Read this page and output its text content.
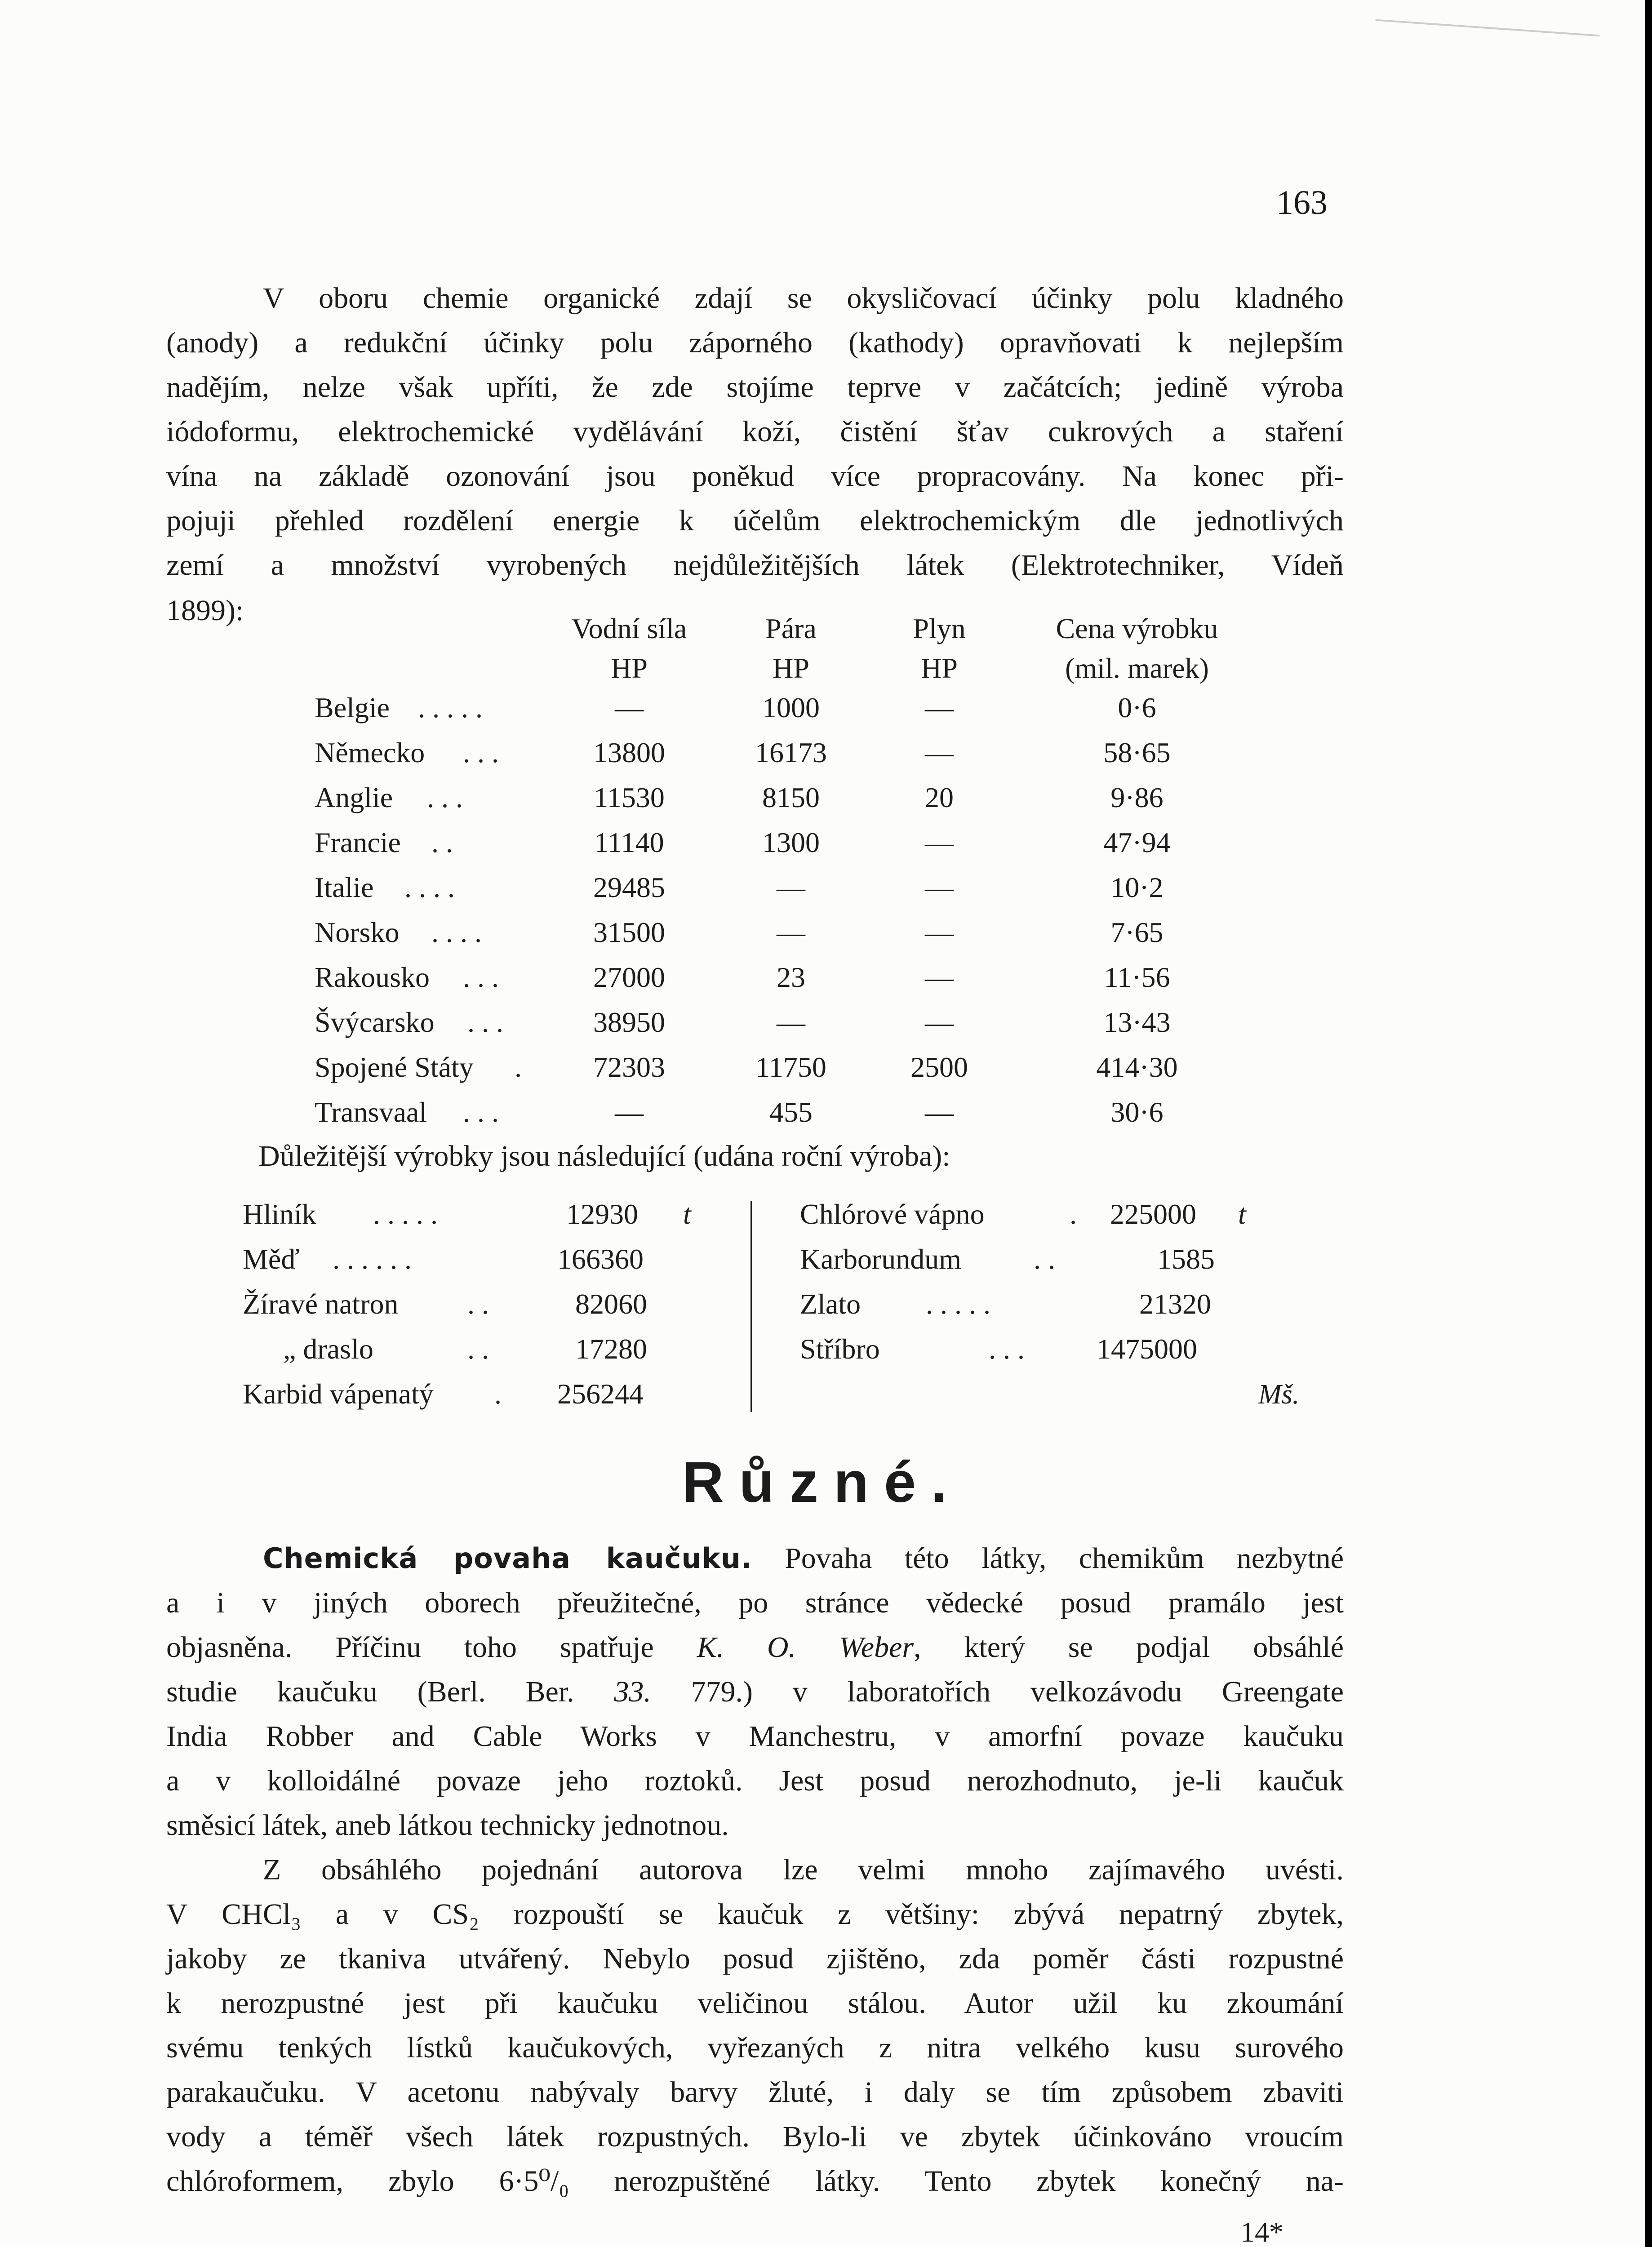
163
V oboru chemie organické zdají se okysličovací účinky polu kladného
(anody) a redukční účinky polu záporného (kathody) opravňovati k nejlepším
nadějím, nelze však upříti, že zde stojíme teprve v začátcích; jedině výroba
iódoformu, elektrochemické vydělávání koží, čistění šťav cukrových a staření
vína na základě ozonování jsou poněkud více propracovány. Na konec při-
pojuji přehled rozdělení energie k účelům elektrochemickým dle jednotlivých
zemí a množství vyrobených nejdůležitějších látek (Elektrotechniker, Vídeň
1899):
Vodní síla
HP
Pára
HP
Plyn
HP
Cena výrobku
(mil. marek)
Belgie . . . . .	—	1000	—	0·6
Německo	. . .	13800	16173	—	58·65
Anglie	. . .	11530	8150	20	9·86
Francie	. .	11140	1300	—	47·94
Italie	. . . .	29485	—	—	10·2
Norsko	. . . .	31500	—	—	7·65
Rakousko	. . .	27000	23	—	11·56
Švýcarsko	. . .	38950	—	—	13·43
Spojené Státy	.	72303	11750	2500	414·30
Transvaal	. . .	—	455	—	30·6
Důležitější výrobky jsou následující (udána roční výroba):
Hliník . . . . .	12930 t
Měď . . . . . .	166360
Žíravé natron . .	82060
„ draslo	. .	17280
Karbid vápenatý . 256244
Chlórové vápno	. 225000 t
Karborundum	. .	1585
Zlato . . . . .	21320
Stříbro	. . .	1475000
Mš.
Různé.
Chemická povaha kaučuku. Povaha této látky, chemikům nezbytné
a i v jiných oborech přeužitečné, po stránce vědecké posud pramálo jest
objasněna. Příčinu toho spatřuje K. O. Weber, který se podjal obsáhlé
studie kaučuku (Berl. Ber. 33. 779.) v laboratořích velkozávodu Greengate
India Robber and Cable Works v Manchestru, v amorfní povaze kaučuku
a v kolloidálné povaze jeho roztoků. Jest posud nerozhodnuto, je-li kaučuk
směsicí látek, aneb látkou technicky jednotnou.
Z obsáhlého pojednání autorova lze velmi mnoho zajímavého uvésti.
V CHCl₃ a v CS₂ rozpouští se kaučuk z většiny: zbývá nepatrný zbytek,
jakoby ze tkaniva utvářený. Nebylo posud zjištěno, zda poměr části rozpustné
k nerozpustné jest při kaučuku veličinou stálou. Autor užil ku zkoumání
svému tenkých lístků kaučukových, vyřezaných z nitra velkého kusu surového
parakaučuku. V acetonu nabývaly barvy žluté, i daly se tím způsobem zbaviti
vody a téměř všech látek rozpustných. Bylo-li ve zbytek účinkováno vroucím
chlóroformem, zbylo 6·5⁰/₀ nerozpuštěné látky. Tento zbytek konečný na-
14*
